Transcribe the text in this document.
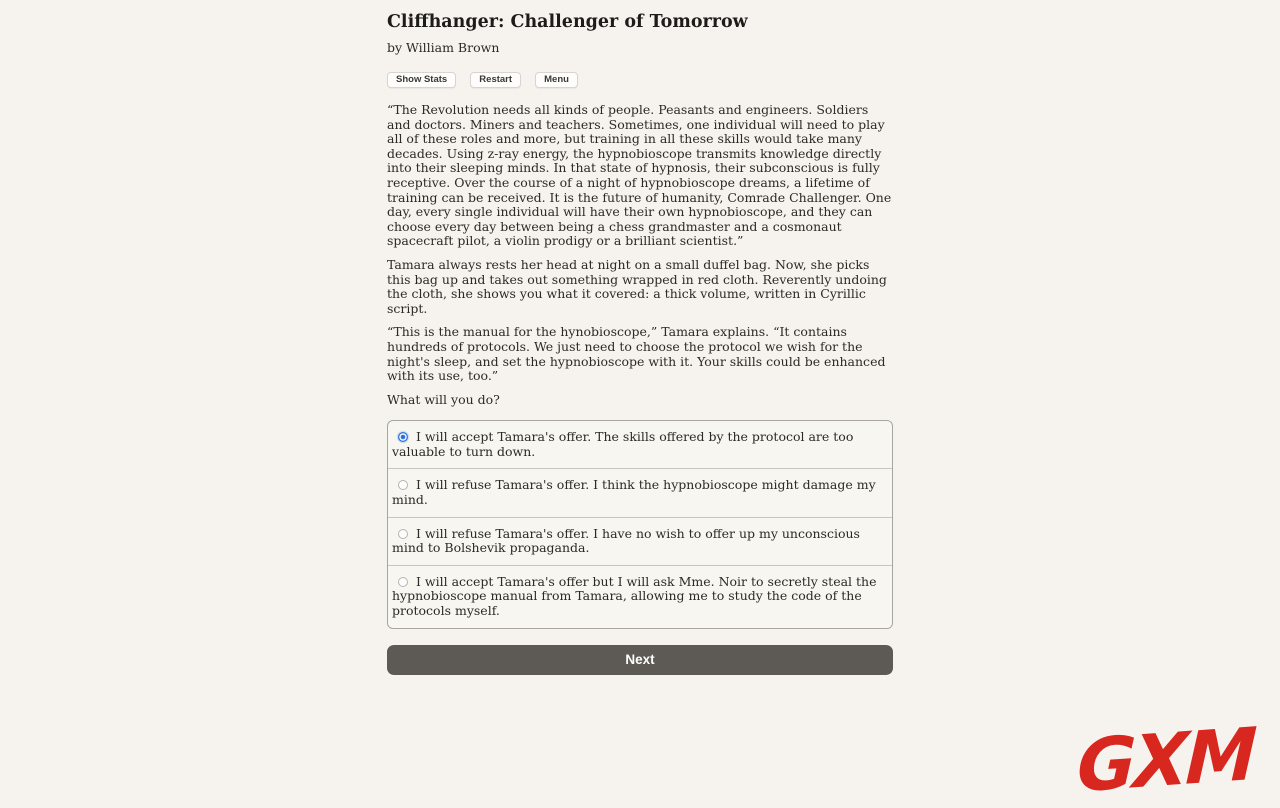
Cliffhanger: Challenger of Tomorrow
by William Brown
Show Stats	Restart	Menu

“The Revolution needs all kinds of people. Peasants and engineers. Soldiers and doctors. Miners and teachers. Sometimes, one individual will need to play all of these roles and more, but training in all these skills would take many decades. Using z-ray energy, the hypnobioscope transmits knowledge directly into their sleeping minds. In that state of hypnosis, their subconscious is fully receptive. Over the course of a night of hypnobioscope dreams, a lifetime of training can be received. It is the future of humanity, Comrade Challenger. One day, every single individual will have their own hypnobioscope, and they can choose every day between being a chess grandmaster and a cosmonaut spacecraft pilot, a violin prodigy or a brilliant scientist.”

Tamara always rests her head at night on a small duffel bag. Now, she picks this bag up and takes out something wrapped in red cloth. Reverently undoing the cloth, she shows you what it covered: a thick volume, written in Cyrillic script.

“This is the manual for the hynobioscope,” Tamara explains. “It contains hundreds of protocols. We just need to choose the protocol we wish for the night's sleep, and set the hypnobioscope with it. Your skills could be enhanced with its use, too.”

What will you do?

I will accept Tamara's offer. The skills offered by the protocol are too valuable to turn down.
I will refuse Tamara's offer. I think the hypnobioscope might damage my mind.
I will refuse Tamara's offer. I have no wish to offer up my unconscious mind to Bolshevik propaganda.
I will accept Tamara's offer but I will ask Mme. Noir to secretly steal the hypnobioscope manual from Tamara, allowing me to study the code of the protocols myself.
Next
GXM
